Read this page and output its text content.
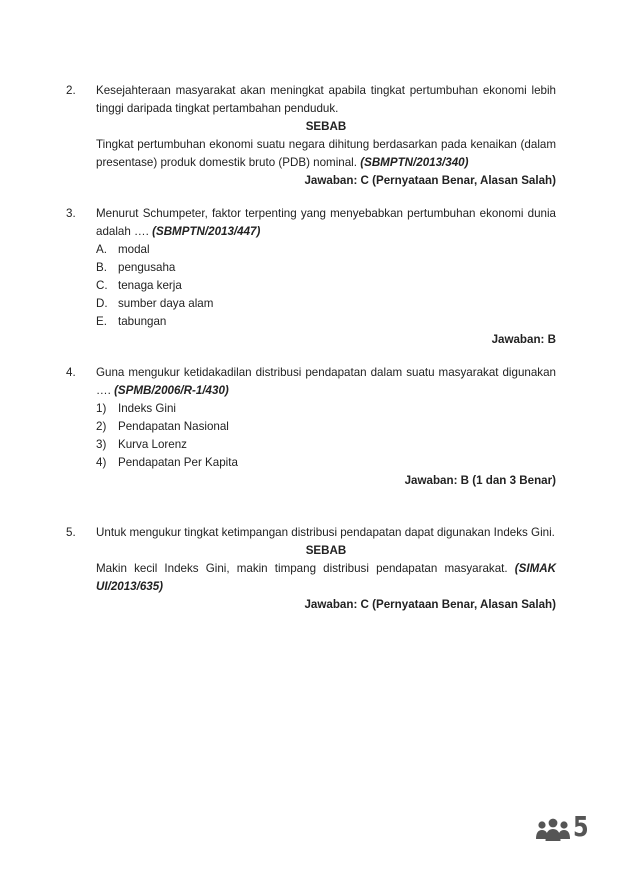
2. Kesejahteraan masyarakat akan meningkat apabila tingkat pertumbuhan ekonomi lebih tinggi daripada tingkat pertambahan penduduk.
SEBAB
Tingkat pertumbuhan ekonomi suatu negara dihitung berdasarkan pada kenaikan (dalam presentase) produk domestik bruto (PDB) nominal. (SBMPTN/2013/340)
Jawaban: C (Pernyataan Benar, Alasan Salah)
3. Menurut Schumpeter, faktor terpenting yang menyebabkan pertumbuhan ekonomi dunia adalah …. (SBMPTN/2013/447)
A. modal
B. pengusaha
C. tenaga kerja
D. sumber daya alam
E. tabungan
Jawaban: B
4. Guna mengukur ketidakadilan distribusi pendapatan dalam suatu masyarakat digunakan …. (SPMB/2006/R-1/430)
1)	Indeks Gini
2)	Pendapatan Nasional
3)	Kurva Lorenz
4)	Pendapatan Per Kapita
Jawaban: B (1 dan 3 Benar)
5. Untuk mengukur tingkat ketimpangan distribusi pendapatan dapat digunakan Indeks Gini.
SEBAB
Makin kecil Indeks Gini, makin timpang distribusi pendapatan masyarakat. (SIMAK UI/2013/635)
Jawaban: C (Pernyataan Benar, Alasan Salah)
5
